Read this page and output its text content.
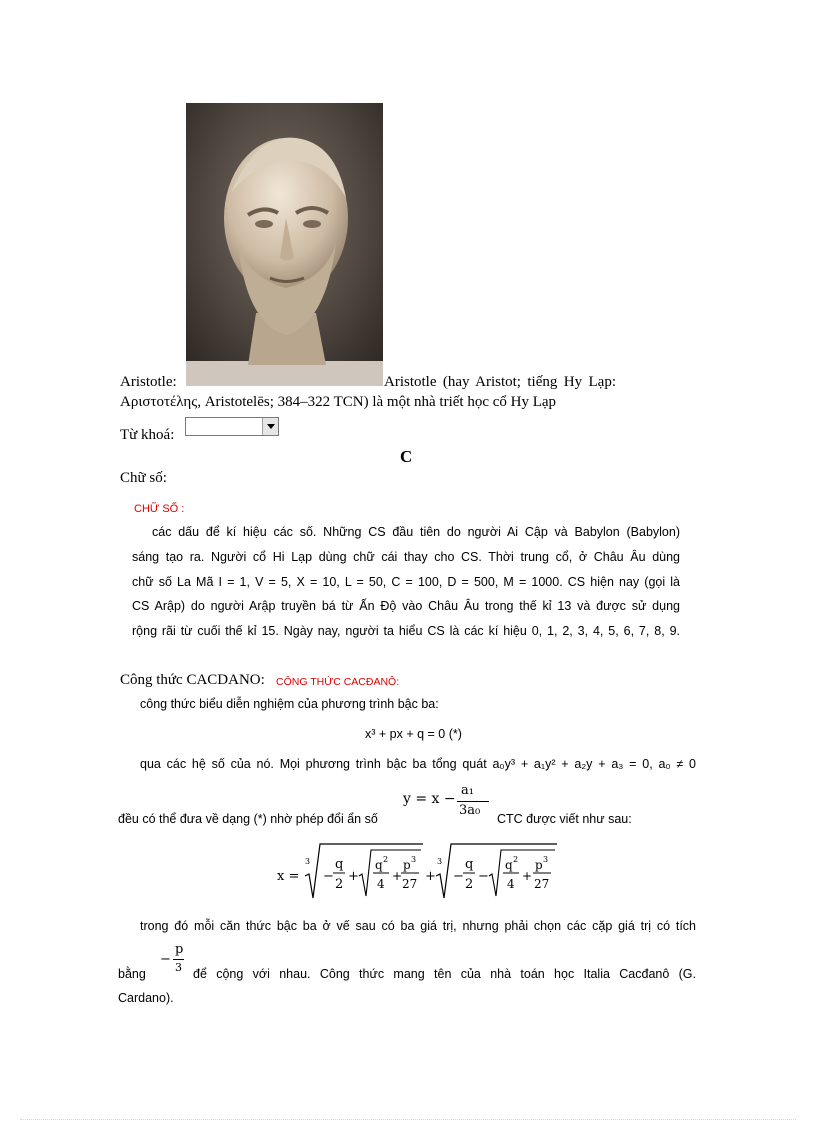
Aristotle:	Aristotle (hay Aristot; tiếng Hy Lạp:
Αριστοτέλης, Aristotelēs; 384–322 TCN) là một nhà triết học cổ Hy Lạp
Từ khoá:
C
Chữ số:
CHỮ SỐ :
các dấu để kí hiệu các số. Những CS đầu tiên do người Ai Cập và Babylon (Babylon)
sáng tạo ra. Người cổ Hi Lạp dùng chữ cái thay cho CS. Thời trung cổ, ở Châu Âu dùng
chữ số La Mã I = 1, V = 5, X = 10, L = 50, C = 100, D = 500, M = 1000. CS hiện nay (gọi là
CS Arập) do người Arập truyền bá từ Ấn Độ vào Châu Âu trong thế kỉ 13 và được sử dụng
rộng rãi từ cuối thế kỉ 15. Ngày nay, người ta hiểu CS là các kí hiệu 0, 1, 2, 3, 4, 5, 6, 7, 8, 9.
Công thức CACDANO: CÔNG THỨC CACĐANÔ:
công thức biểu diễn nghiệm của phương trình bậc ba:
x³ + px + q = 0 (*)
qua các hệ số của nó. Mọi phương trình bậc ba tổng quát a₀y³ + a₁y² + a₂y + a₃ = 0, a₀ ≠ 0
y = x −
a₁
3a₀
đều có thể đưa về dạng (*) nhờ phép đổi ẩn số	CTC được viết như sau:
x =
3
−
q
2
+
q 2
4
+
p 3
27 +
3
−
q
2
−
q 2
4
+
p 3
27
trong đó mỗi căn thức bậc ba ở vế sau có ba giá trị, nhưng phải chọn các cặp giá trị có tích
−
p
3
bằng	để cộng với nhau. Công thức mang tên của nhà toán học Italia Cacđanô (G.
Cardano).
